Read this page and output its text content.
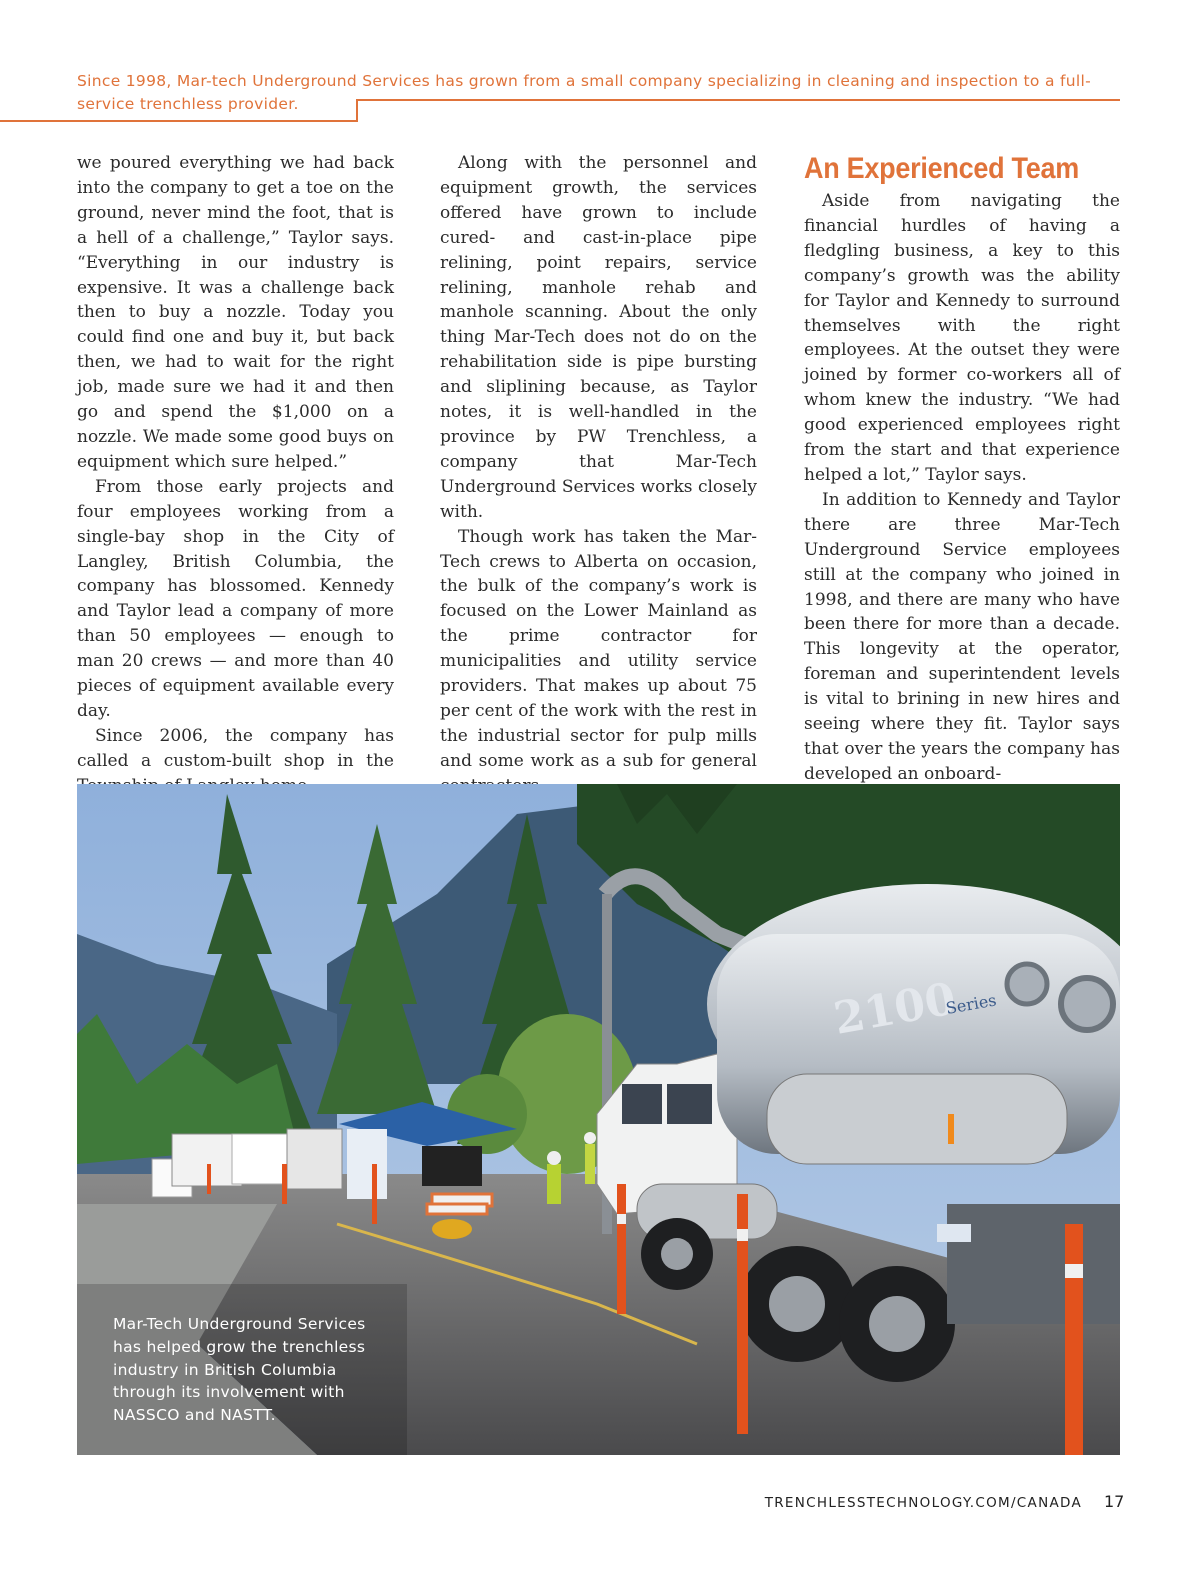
Since 1998, Mar-tech Underground Services has grown from a small company specializing in cleaning and inspection to a full-service trenchless provider.

we poured everything we had back into the company to get a toe on the ground, never mind the foot, that is a hell of a challenge,” Taylor says. “Everything in our industry is expensive. It was a challenge back then to buy a nozzle. Today you could find one and buy it, but back then, we had to wait for the right job, made sure we had it and then go and spend the $1,000 on a nozzle. We made some good buys on equipment which sure helped.”

From those early projects and four employees working from a single-bay shop in the City of Langley, British Columbia, the company has blossomed. Kennedy and Taylor lead a company of more than 50 employees — enough to man 20 crews — and more than 40 pieces of equipment available every day.

Since 2006, the company has called a custom-built shop in the

Along with the personnel and equipment growth, the services offered have grown to include cured- and cast-in-place pipe relining, point repairs, service relining, manhole rehab and manhole scanning. About the only thing Mar-Tech does not do on the rehabilitation side is pipe bursting and sliplining because, as Taylor notes, it is well-handled in the province by PW Trenchless, a company that Mar-Tech Underground Services works closely with.

Though work has taken the Mar-Tech crews to Alberta on occasion, the bulk of the company’s work is focused on the Lower Mainland as the prime contractor for municipalities and utility service providers. That makes up about 75 per cent of the work with the rest in the industrial sector for pulp mills and some work as a sub for general

An Experienced Team

Aside from navigating the financial hurdles of having a fledgling business, a key to this company’s growth was the ability for Taylor and Kennedy to surround themselves with the right employees. At the outset they were joined by former co-workers all of whom knew the industry. “We had good experienced employees right from the start and that experience helped a lot,” Taylor says.

In addition to Kennedy and Taylor there are three Mar-Tech Underground Service employees still at the company who joined in 1998, and there are many who have been there for more than a decade. This longevity at the operator, foreman and superintendent levels is vital to brining in new hires and seeing where they fit. Taylor says that over the years the company has developed an onboard-

2100
Series
Mar-Tech Underground Services has helped grow the trenchless industry in British Columbia through its involvement with NASSCO and NASTT.
TRENCHLESSTECHNOLOGY.COM/CANADA 17
